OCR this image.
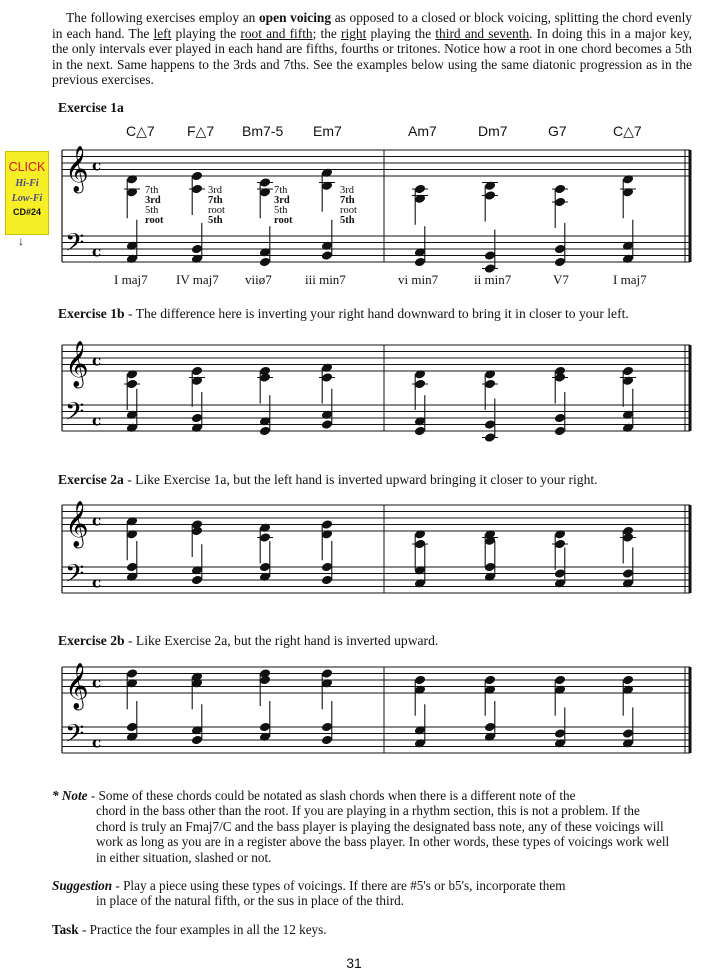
The following exercises employ an open voicing as opposed to a closed or block voicing, splitting the chord evenly in each hand. The left playing the root and fifth; the right playing the third and seventh. In doing this in a major key, the only intervals ever played in each hand are fifths, fourths or tritones. Notice how a root in one chord becomes a 5th in the next. Same happens to the 3rds and 7ths. See the examples below using the same diatonic progression as in the previous exercises.
CLICK
Hi-Fi
Low-Fi
CD#24
↓
Exercise 1a
Exercise 1b - The difference here is inverting your right hand downward to bring it in closer to your left.
Exercise 2a - Like Exercise 1a, but the left hand is inverted upward bringing it closer to your right.
Exercise 2b - Like Exercise 2a, but the right hand is inverted upward.
C△7 F△7 Bm7-5 Em7	Am7	Dm7	G7	C△7
7th
3rd
5th
root
3rd
7th
root
5th
7th
3rd
5th
root
3rd
7th
root
5th
I maj7 IV maj7 viiø7	iii min7	vi min7	ii min7	V7	I maj7
𝄞 c
𝄢 c
𝄞 c
𝄢 c
𝄞 c
𝄢 c
𝄞 c
𝄢 c
* Note - Some of these chords could be notated as slash chords when there is a different note of the
chord in the bass other than the root. If you are playing in a rhythm section, this is not a problem. If the chord is truly an Fmaj7/C and the bass player is playing the designated bass note, any of these voicings will work as long as you are in a register above the bass player. In other words, these types of voicings work well in either situation, slashed or not.
Suggestion - Play a piece using these types of voicings. If there are #5's or b5's, incorporate them
in place of the natural fifth, or the sus in place of the third.
Task - Practice the four examples in all the 12 keys.
31
